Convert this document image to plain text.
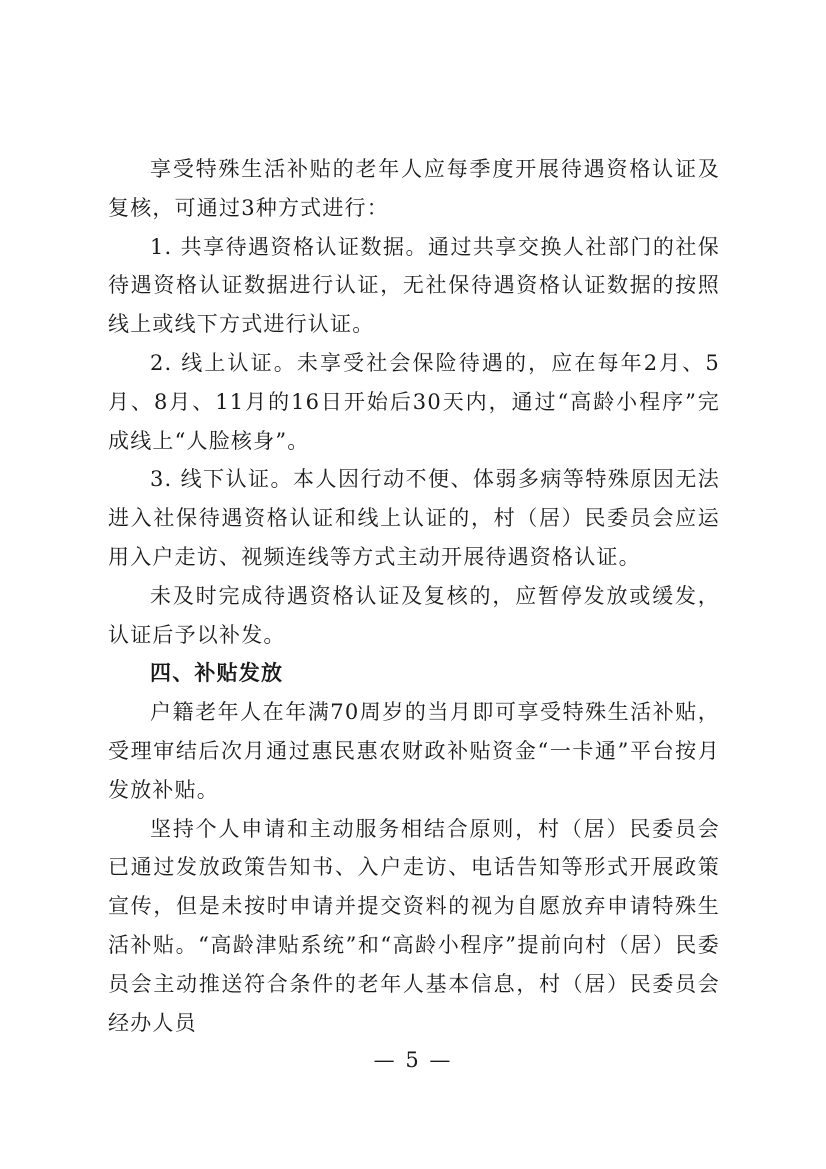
享受特殊生活补贴的老年人应每季度开展待遇资格认证及复核，可通过3种方式进行：

1. 共享待遇资格认证数据。通过共享交换人社部门的社保待遇资格认证数据进行认证，无社保待遇资格认证数据的按照线上或线下方式进行认证。

2. 线上认证。未享受社会保险待遇的，应在每年2月、5月、8月、11月的16日开始后30天内，通过“高龄小程序”完成线上“人脸核身”。

3. 线下认证。本人因行动不便、体弱多病等特殊原因无法进入社保待遇资格认证和线上认证的，村（居）民委员会应运用入户走访、视频连线等方式主动开展待遇资格认证。

未及时完成待遇资格认证及复核的，应暂停发放或缓发，认证后予以补发。

四、补贴发放

户籍老年人在年满70周岁的当月即可享受特殊生活补贴，受理审结后次月通过惠民惠农财政补贴资金“一卡通”平台按月发放补贴。

坚持个人申请和主动服务相结合原则，村（居）民委员会已通过发放政策告知书、入户走访、电话告知等形式开展政策宣传，但是未按时申请并提交资料的视为自愿放弃申请特殊生活补贴。“高龄津贴系统”和“高龄小程序”提前向村（居）民委员会主动推送符合条件的老年人基本信息，村（居）民委员会经办人员

— 5 —
